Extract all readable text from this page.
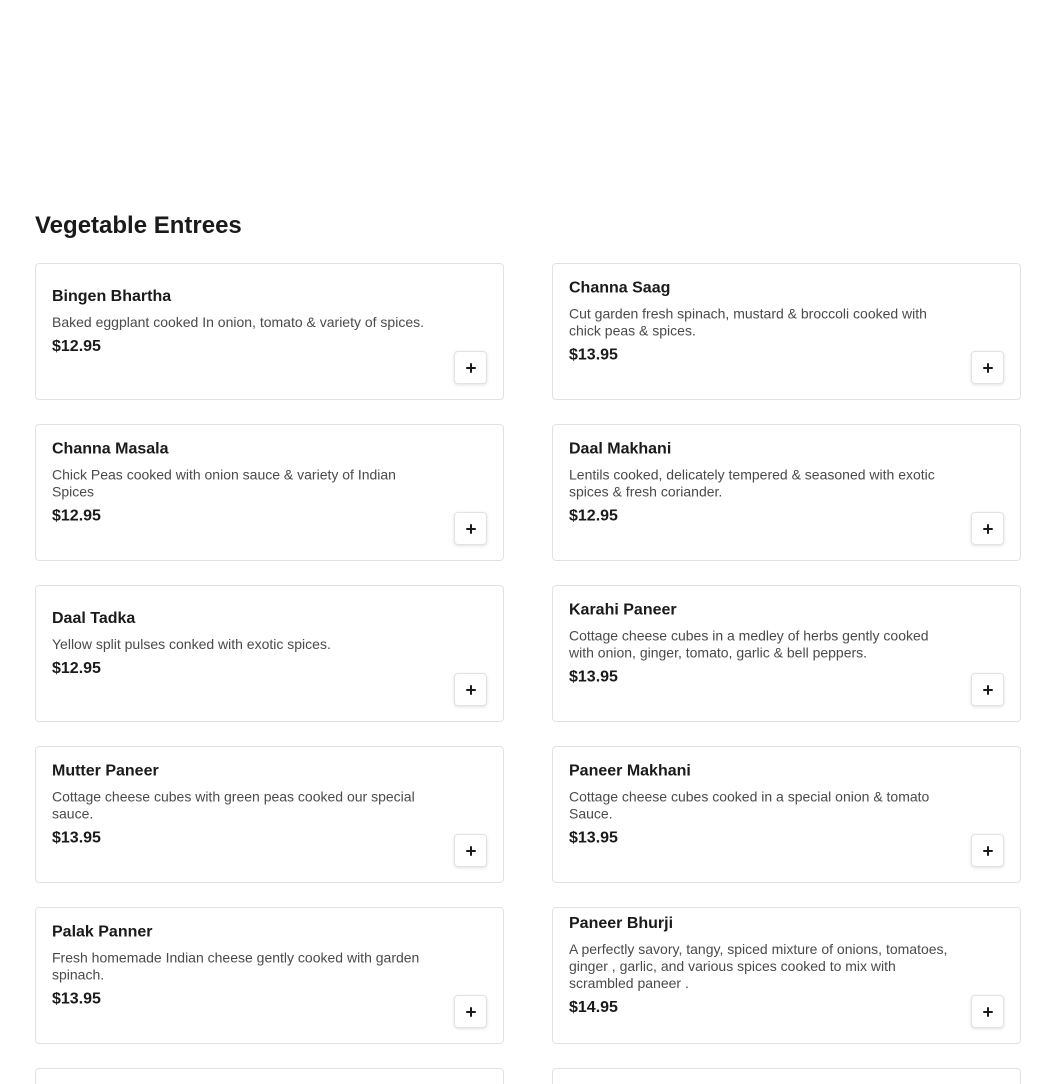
Vegetable Entrees
Bingen Bhartha
Baked eggplant cooked In onion, tomato & variety of spices.
$12.95
Channa Saag
Cut garden fresh spinach, mustard & broccoli cooked with chick peas & spices.
$13.95
Channa Masala
Chick Peas cooked with onion sauce & variety of Indian Spices
$12.95
Daal Makhani
Lentils cooked, delicately tempered & seasoned with exotic spices & fresh coriander.
$12.95
Daal Tadka
Yellow split pulses conked with exotic spices.
$12.95
Karahi Paneer
Cottage cheese cubes in a medley of herbs gently cooked with onion, ginger, tomato, garlic & bell peppers.
$13.95
Mutter Paneer
Cottage cheese cubes with green peas cooked our special sauce.
$13.95
Paneer Makhani
Cottage cheese cubes cooked in a special onion & tomato Sauce.
$13.95
Palak Panner
Fresh homemade Indian cheese gently cooked with garden spinach.
$13.95
Paneer Bhurji
A perfectly savory, tangy, spiced mixture of onions, tomatoes, ginger , garlic, and various spices cooked to mix with scrambled paneer .
$14.95
